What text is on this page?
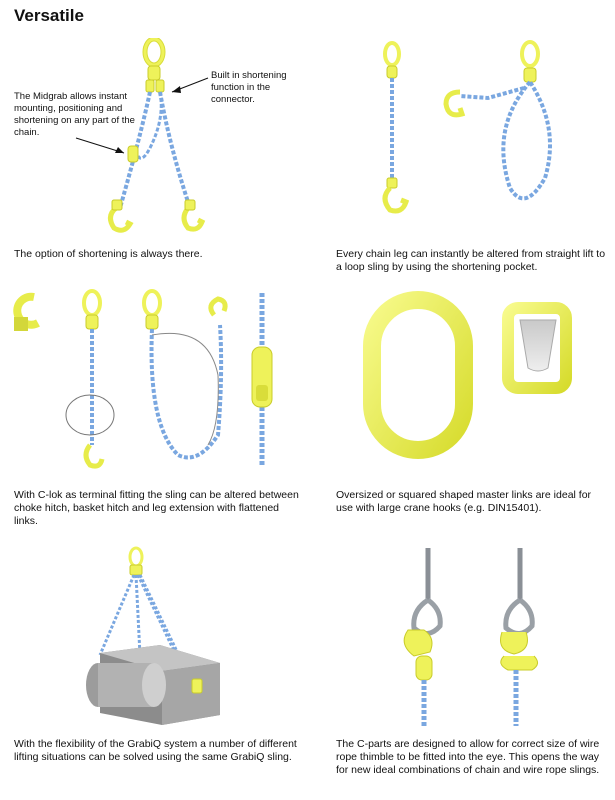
Versatile
The Midgrab allows instant mounting, positioning and shortening on any part of the chain.
Built in shortening function in the connector.
The option of shortening is always there.	Every chain leg can instantly be altered from straight lift to a loop sling by using the shortening pocket.
With C-lok as terminal fitting the sling can be altered between choke hitch, basket hitch and leg extension with flattened links.
Oversized or squared shaped master links are ideal for use with large crane hooks (e.g. DIN15401).
With the flexibility of the GrabiQ system a number of different lifting situations can be solved using the same GrabiQ sling.
The C-parts are designed to allow for correct size of wire rope thimble to be fitted into the eye. This opens the way for new ideal combinations of chain and wire rope slings.
